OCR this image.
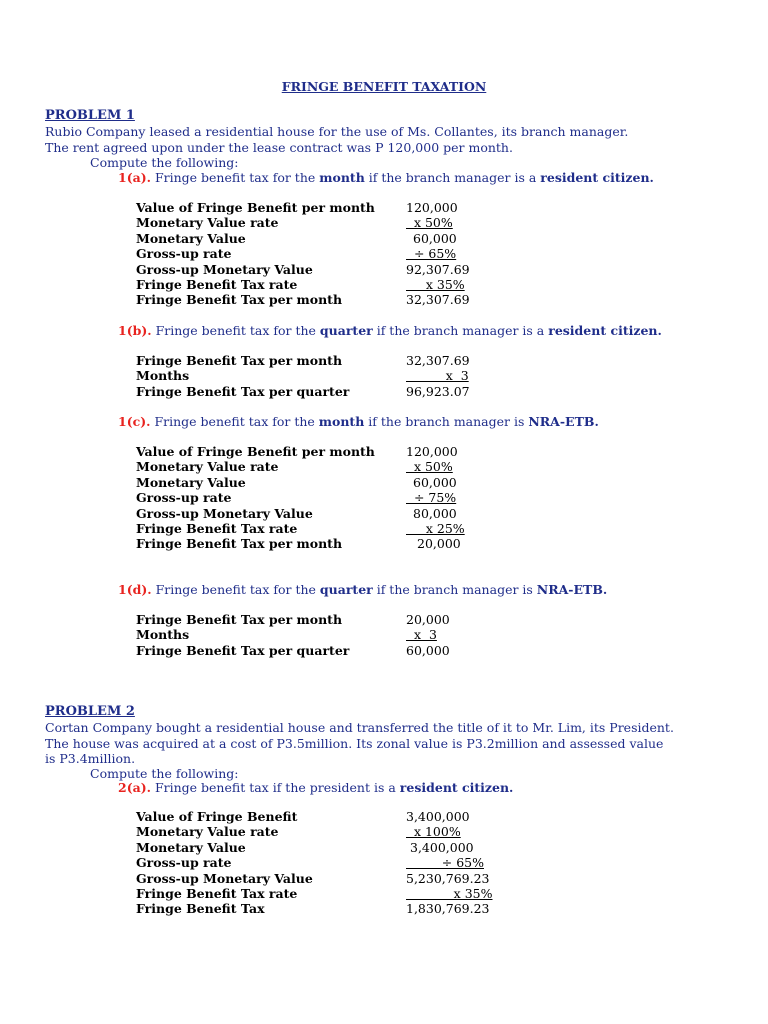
FRINGE BENEFIT TAXATION
PROBLEM 1
Rubio Company leased a residential house for the use of Ms. Collantes, its branch manager.
The rent agreed upon under the lease contract was P 120,000 per month.
Compute the following:
1(a). Fringe benefit tax for the month if the branch manager is a resident citizen.
Value of Fringe Benefit per month 120,000
Monetary Value rate	x 50%
Monetary Value	60,000
Gross-up rate	÷ 65%
Gross-up Monetary Value	92,307.69
Fringe Benefit Tax rate	x 35%
Fringe Benefit Tax per month	32,307.69
1(b). Fringe benefit tax for the quarter if the branch manager is a resident citizen.
Fringe Benefit Tax per month	32,307.69
Months	x  3
Fringe Benefit Tax per quarter	96,923.07
1(c). Fringe benefit tax for the month if the branch manager is NRA-ETB.
Value of Fringe Benefit per month 120,000
Monetary Value rate	x 50%
Monetary Value	60,000
Gross-up rate	÷ 75%
Gross-up Monetary Value	80,000
Fringe Benefit Tax rate	x 25%
Fringe Benefit Tax per month	20,000
1(d). Fringe benefit tax for the quarter if the branch manager is NRA-ETB.
Fringe Benefit Tax per month	20,000
Months	x  3
Fringe Benefit Tax per quarter	60,000
PROBLEM 2
Cortan Company bought a residential house and transferred the title of it to Mr. Lim, its President.
The house was acquired at a cost of P3.5million. Its zonal value is P3.2million and assessed value
is P3.4million.
Compute the following:
2(a). Fringe benefit tax if the president is a resident citizen.
Value of Fringe Benefit	3,400,000
Monetary Value rate	x 100%
Monetary Value	3,400,000
Gross-up rate	÷ 65%
Gross-up Monetary Value	5,230,769.23
Fringe Benefit Tax rate	x 35%
Fringe Benefit Tax	1,830,769.23
